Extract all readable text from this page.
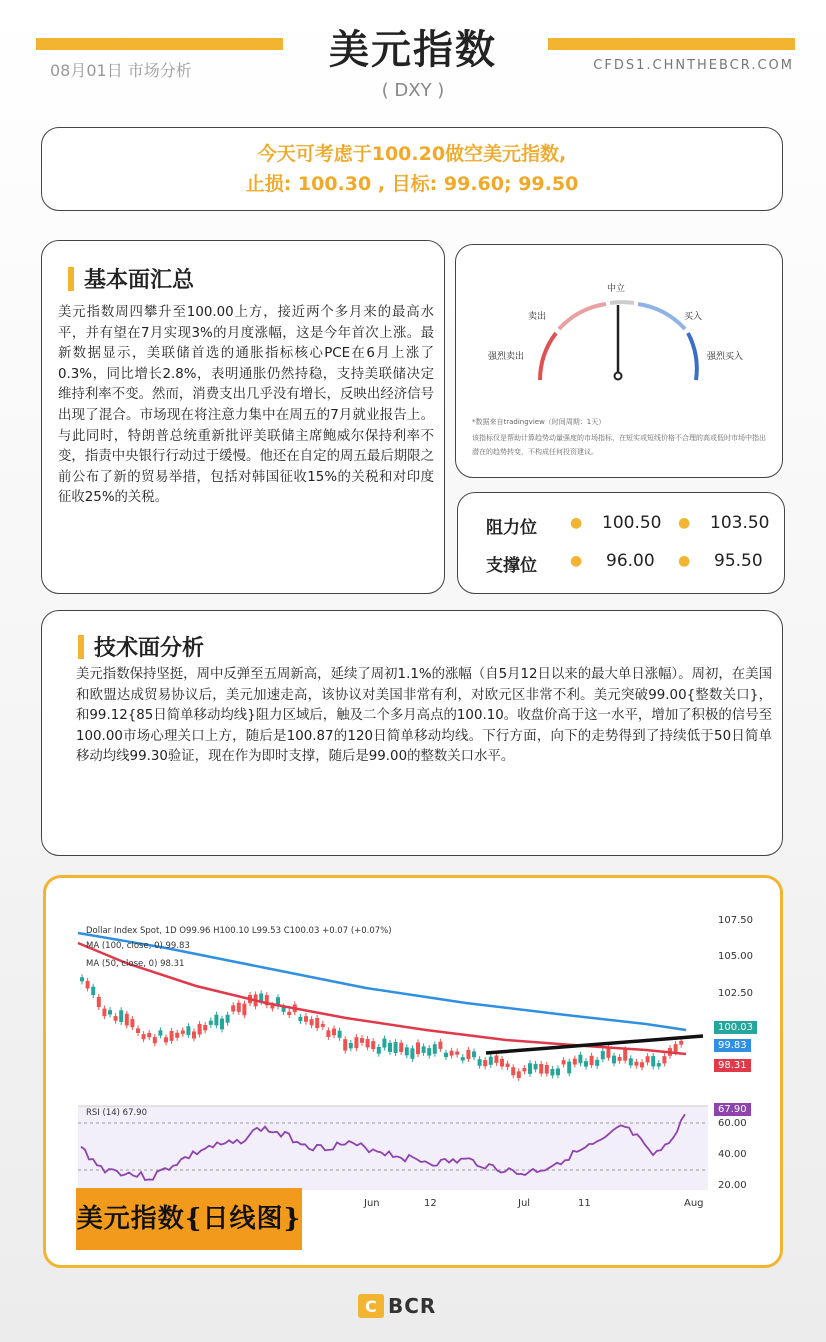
美元指数
( DXY )
08月01日 市场分析	CFDS1.CHNTHEBCR.COM
今天可考虑于100.20做空美元指数,
止损: 100.30 , 目标: 99.60; 99.50
基本面汇总
美元指数周四攀升至100.00上方，接近两个多月来的最高水平，并有望在7月实现3%的月度涨幅，这是今年首次上涨。最新数据显示，美联储首选的通胀指标核心PCE在6月上涨了0.3%，同比增长2.8%，表明通胀仍然持稳，支持美联储决定维持利率不变。然而，消费支出几乎没有增长，反映出经济信号出现了混合。市场现在将注意力集中在周五的7月就业报告上。与此同时，特朗普总统重新批评美联储主席鲍威尔保持利率不变，指责中央银行行动过于缓慢。他还在自定的周五最后期限之前公布了新的贸易举措，包括对韩国征收15%的关税和对印度征收25%的关税。
强烈卖出
卖出
中立
买入
强烈买入
*数据来自tradingview（时间周期：1天）
该指标仅是帮助计算趋势动量强度的市场指标，在短实或短线价格不合理的高或低时市场中指出潜在的趋势转变，不构成任何投资建议。
阻力位 ● 100.50 ● 103.50
支撑位 ● 96.00 ● 95.50
技术面分析
美元指数保持坚挺，周中反弹至五周新高，延续了周初1.1%的涨幅（自5月12日以来的最大单日涨幅）。周初，在美国和欧盟达成贸易协议后，美元加速走高，该协议对美国非常有利，对欧元区非常不利。美元突破99.00{整数关口}，和99.12{85日简单移动均线}阻力区域后，触及二个多月高点的100.10。收盘价高于这一水平，增加了积极的信号至100.00市场心理关口上方，随后是100.87的120日简单移动均线。下行方面，向下的走势得到了持续低于50日简单移动均线99.30验证，现在作为即时支撑，随后是99.00的整数关口水平。
Dollar Index Spot, 1D O99.96 H100.10 L99.53 C100.03 +0.07 (+0.07%)
MA (100, close, 0) 99.83
MA (50, close, 0) 98.31
RSI (14) 67.90
107.50
105.00
102.50
100.03
99.83
98.31
67.90
60.00
40.00
20.00
Jun	12	Jul	11	Aug
美元指数{日线图}
C BCR
